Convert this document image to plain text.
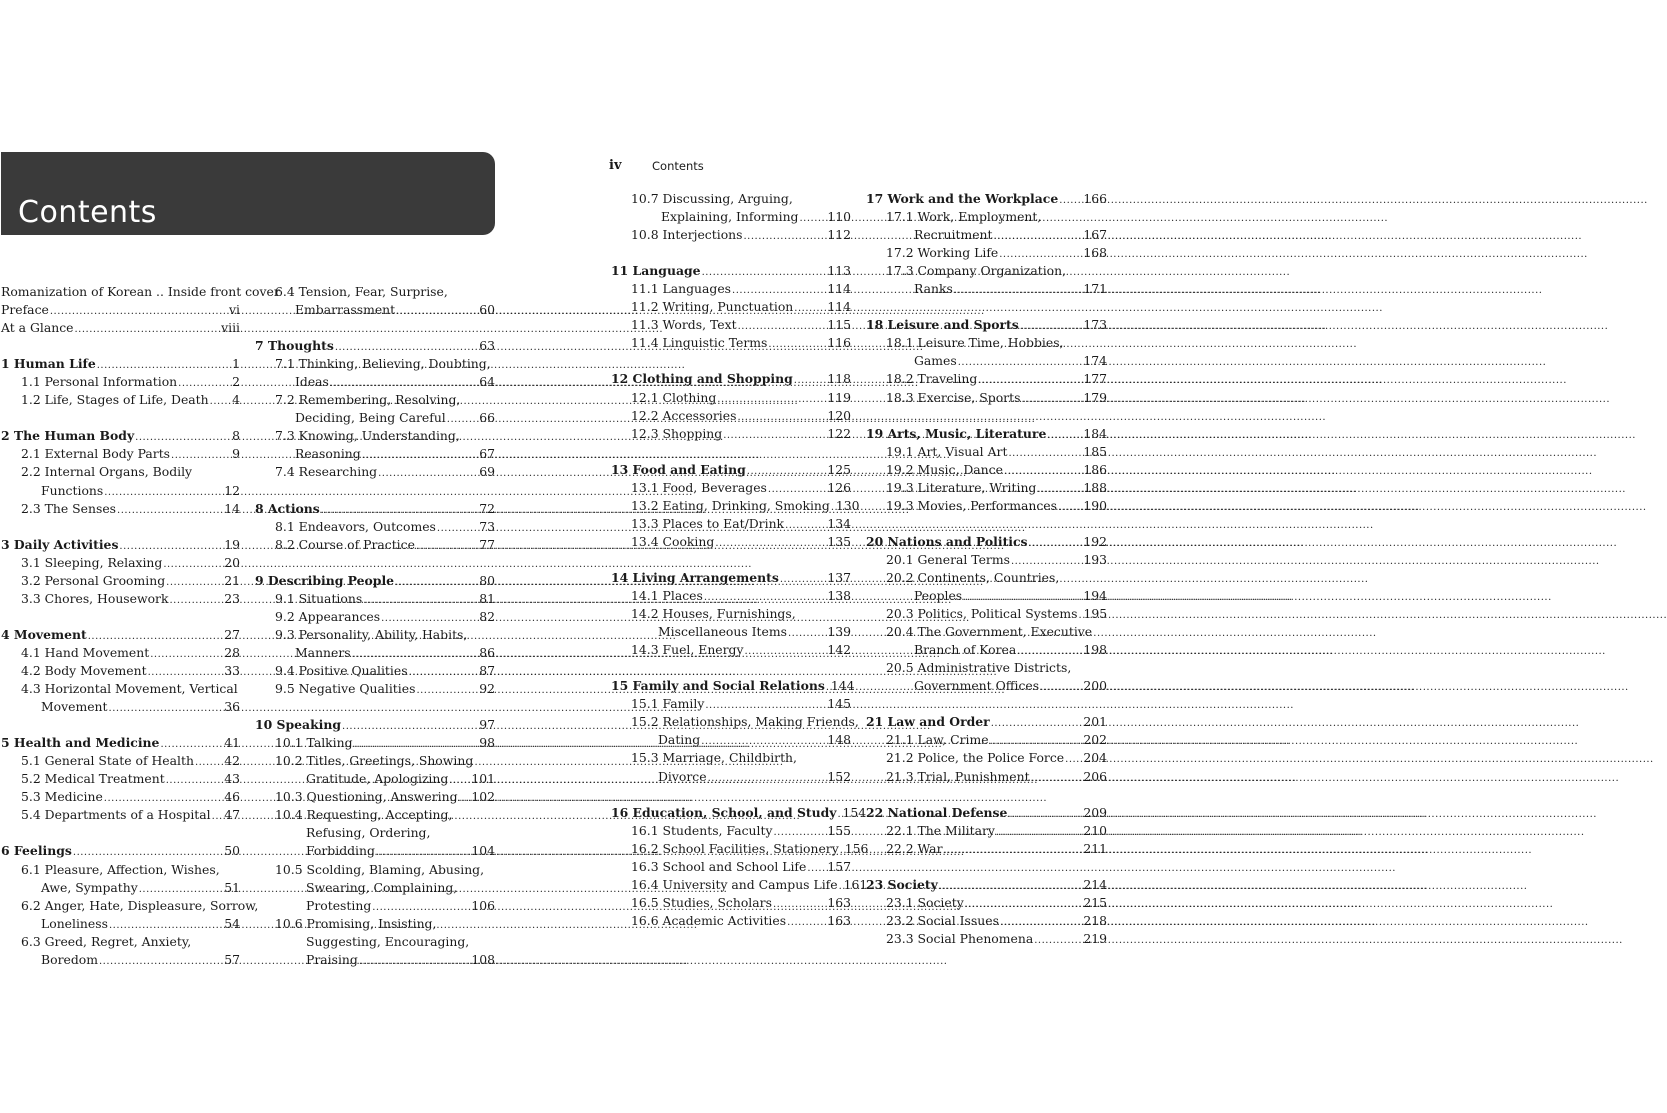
Contents
iv	Contents
Romanization of Korean .. Inside front cover
Preface .....	vi
At a Glance .....	viii
1 Human Life .....	1
1.1 Personal Information .....	2
1.2 Life, Stages of Life, Death ..... 4
2 The Human Body .....	8
2.1 External Body Parts .....	9
2.2 Internal Organs, Bodily
Functions .....	12
2.3 The Senses .....	14
3 Daily Activities .....	19
3.1 Sleeping, Relaxing .....	20
3.2 Personal Grooming .....	21
3.3 Chores, Housework .....	23
4 Movement .....	27
4.1 Hand Movement .....	28
4.2 Body Movement .....	33
4.3 Horizontal Movement, Vertical
Movement .....	36
5 Health and Medicine .....	41
5.1 General State of Health ..... 42
5.2 Medical Treatment .....	43
5.3 Medicine .....	46
5.4 Departments of a Hospital ..... 47
6 Feelings .....	50
6.1 Pleasure, Affection, Wishes,
Awe, Sympathy .....	51
6.2 Anger, Hate, Displeasure, Sorrow,
Loneliness .....	54
6.3 Greed, Regret, Anxiety,
Boredom .....	57
6.4 Tension, Fear, Surprise,
Embarrassment .....	60
7 Thoughts .....	63
7.1 Thinking, Believing, Doubting,
Ideas .....	64
7.2 Remembering, Resolving,
Deciding, Being Careful .....	66
7.3 Knowing, Understanding,
Reasoning .....	67
7.4 Researching .....	69
8 Actions .....	72
8.1 Endeavors, Outcomes .....	73
8.2 Course of Practice .....	77
9 Describing People .....	80
9.1 Situations .....	81
9.2 Appearances .....	82
9.3 Personality, Ability, Habits,
Manners .....	86
9.4 Positive Qualities .....	87
9.5 Negative Qualities .....	92
10 Speaking .....	97
10.1 Talking .....	98
10.2 Titles, Greetings, Showing
Gratitude, Apologizing ..... 101
10.3 Questioning, Answering ..... 102
10.4 Requesting, Accepting,
Refusing, Ordering,
Forbidding .....	104
10.5 Scolding, Blaming, Abusing,
Swearing, Complaining,
Protesting .....	106
10.6 Promising, Insisting,
Suggesting, Encouraging,
Praising .....	108
10.7 Discussing, Arguing,
Explaining, Informing ..... 110
10.8 Interjections .....	112
11 Language .....	113
11.1 Languages .....	114
11.2 Writing, Punctuation .....	114
11.3 Words, Text .....	115
11.4 Linguistic Terms .....	116
12 Clothing and Shopping .....	118
12.1 Clothing .....	119
12.2 Accessories .....	120
12.3 Shopping .....	122
13 Food and Eating .....	125
13.1 Food, Beverages .....	126
13.2 Eating, Drinking, Smoking ..... 130
13.3 Places to Eat/Drink .....	134
13.4 Cooking .....	135
14 Living Arrangements .....	137
14.1 Places .....	138
14.2 Houses, Furnishings,
Miscellaneous Items .....	139
14.3 Fuel, Energy .....	142
15 Family and Social Relations ..... 144
15.1 Family .....	145
15.2 Relationships, Making Friends,
Dating .....	148
15.3 Marriage, Childbirth,
Divorce .....	152
16 Education, School, and Study ..... 154
16.1 Students, Faculty .....	155
16.2 School Facilities, Stationery ..... 156
16.3 School and School Life ..... 157
16.4 University and Campus Life ..... 161
16.5 Studies, Scholars .....	163
16.6 Academic Activities .....	163
17 Work and the Workplace ..... 166
17.1 Work, Employment,
Recruitment .....	167
17.2 Working Life .....	168
17.3 Company Organization,
Ranks .....	171
18 Leisure and Sports .....	173
18.1 Leisure Time, Hobbies,
Games .....	174
18.2 Traveling .....	177
18.3 Exercise, Sports .....	179
19 Arts, Music, Literature .....	184
19.1 Art, Visual Art .....	185
19.2 Music, Dance .....	186
19.3 Literature, Writing .....	188
19.3 Movies, Performances ..... 190
20 Nations and Politics .....	192
20.1 General Terms .....	193
20.2 Continents, Countries,
Peoples .....	194
20.3 Politics, Political Systems ..... 195
20.4 The Government, Executive
Branch of Korea .....	198
20.5 Administrative Districts,
Government Offices .....	200
21 Law and Order .....	201
21.1 Law, Crime .....	202
21.2 Police, the Police Force ..... 204
21.3 Trial, Punishment .....	206
22 National Defense .....	209
22.1 The Military .....	210
22.2 War .....	211
23 Society .....	214
23.1 Society .....	215
23.2 Social Issues .....	218
23.3 Social Phenomena .....	219
